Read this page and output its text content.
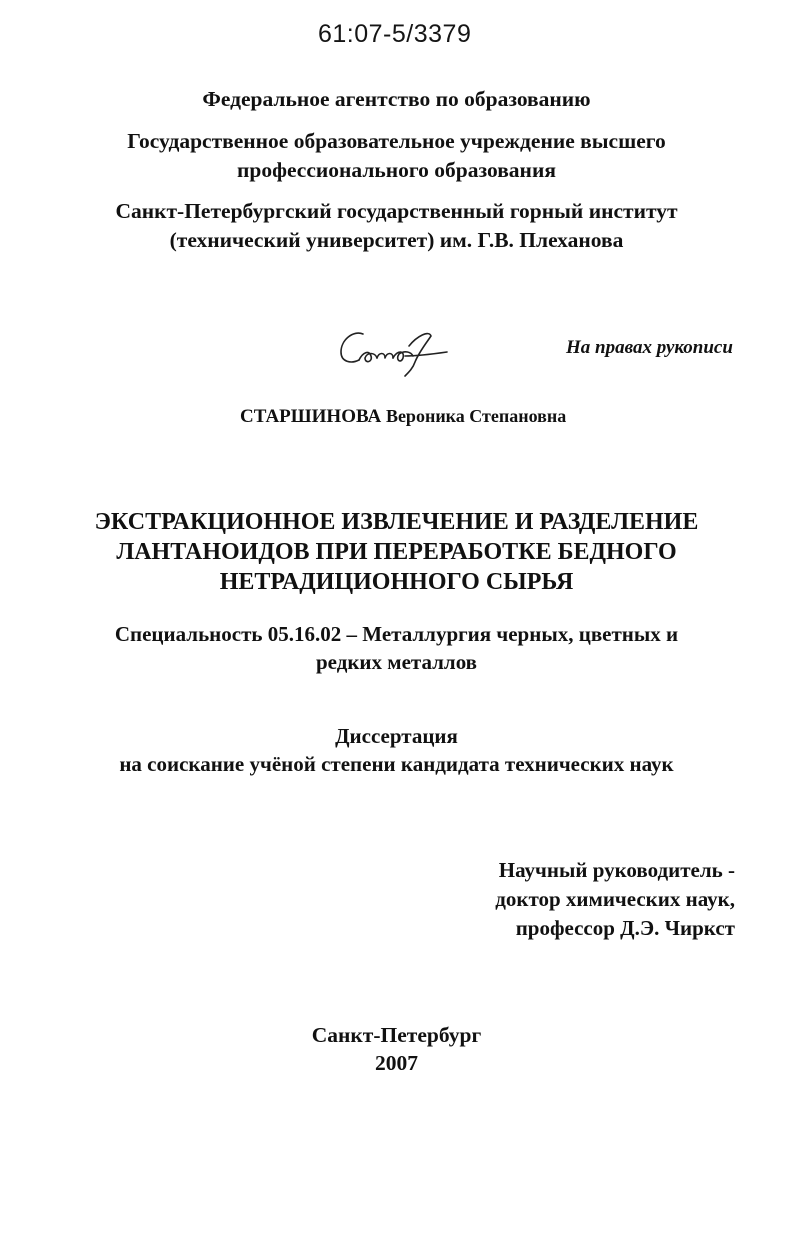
61:07-5/3379
Федеральное агентство по образованию
Государственное образовательное учреждение высшего
профессионального образования
Санкт-Петербургский государственный горный институт
(технический университет) им. Г.В. Плеханова
На правах рукописи
СТАРШИНОВА Вероника Степановна
ЭКСТРАКЦИОННОЕ ИЗВЛЕЧЕНИЕ И РАЗДЕЛЕНИЕ
ЛАНТАНОИДОВ ПРИ ПЕРЕРАБОТКЕ БЕДНОГО
НЕТРАДИЦИОННОГО СЫРЬЯ
Специальность 05.16.02 – Металлургия черных, цветных и
редких металлов
Диссертация
на соискание учёной степени кандидата технических наук
Научный руководитель -
доктор химических наук,
профессор Д.Э. Чиркст
Санкт-Петербург
2007
